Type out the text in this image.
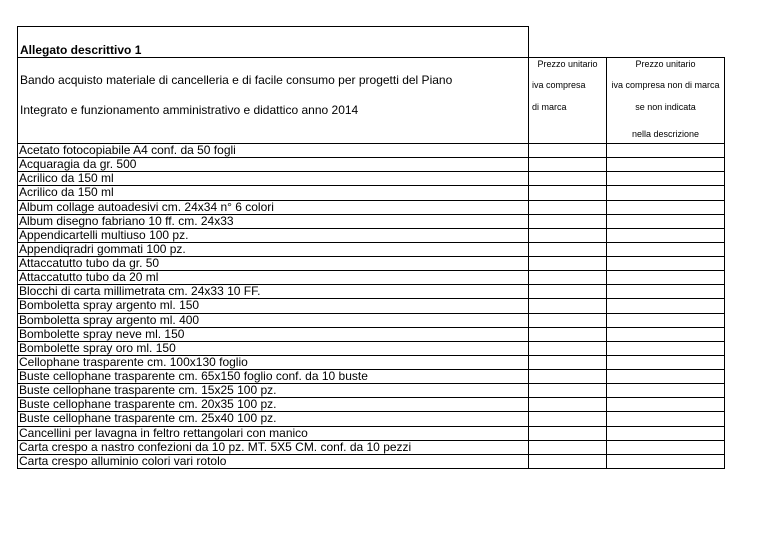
Allegato descrittivo 1
Bando acquisto materiale di cancelleria e di facile consumo per progetti del Piano
Integrato e funzionamento amministrativo e didattico anno 2014
Prezzo unitario
iva compresa
di marca
Prezzo unitario
iva compresa non di marca
se non indicata
nella descrizione
Acetato fotocopiabile A4 conf. da 50 fogli
Acquaragia da gr. 500
Acrilico da 150 ml
Acrilico da 150 ml
Album collage autoadesivi cm. 24x34 n° 6 colori
Album disegno fabriano 10 ff. cm. 24x33
Appendicartelli multiuso 100 pz.
Appendiqradri gommati 100 pz.
Attaccatutto tubo da gr. 50
Attaccatutto tubo da 20 ml
Blocchi di carta millimetrata cm. 24x33 10 FF.
Bomboletta spray argento ml. 150
Bomboletta spray argento ml. 400
Bombolette spray neve ml. 150
Bombolette spray oro ml. 150
Cellophane trasparente cm. 100x130 foglio
Buste cellophane trasparente cm. 65x150 foglio conf. da 10 buste
Buste cellophane trasparente cm. 15x25 100 pz.
Buste cellophane trasparente cm. 20x35 100 pz.
Buste cellophane trasparente cm. 25x40 100 pz.
Cancellini per lavagna in feltro rettangolari con manico
Carta crespo a nastro confezioni da 10 pz. MT. 5X5 CM. conf. da 10 pezzi
Carta crespo alluminio colori vari rotolo
